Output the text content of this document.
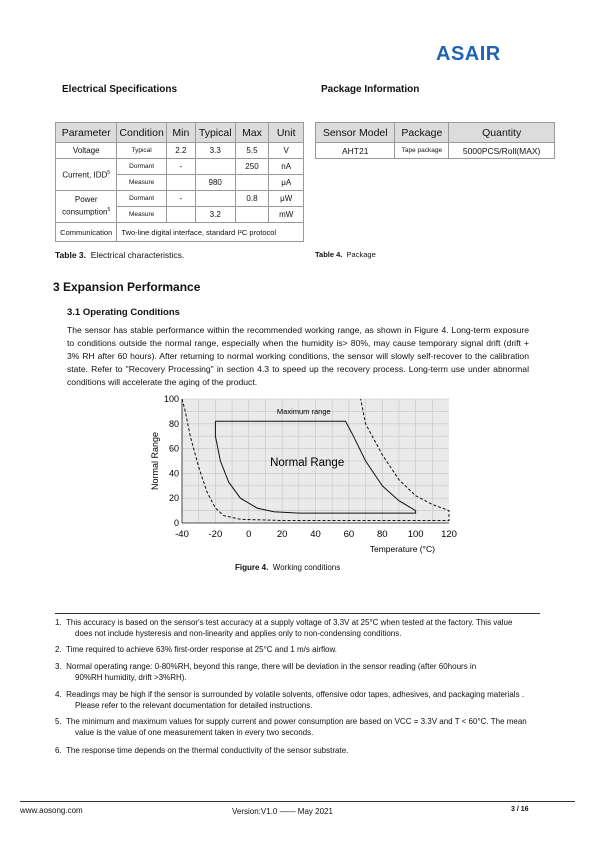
ASAIR
Electrical Specifications	Package Information
Parameter	Condition	Min	Typical	Max	Unit
Voltage	Typical	2.2	3.3	5.5	V
Current, IDD$^5$	Dormant	-		250	nA
	Measure		980		μA
Power consumption$^5$	Dormant	-		0.8	μW
	Measure		3.2		mW
Communication	Two-line digital interface, standard I²C protocol				
Sensor Model	Package	Quantity
AHT21	Tape package	5000PCS/Roll(MAX)
Table 3. Electrical characteristics.	Table 4. Package
3 Expansion Performance
3.1 Operating Conditions
The sensor has stable performance within the recommended working range, as shown in Figure 4. Long-term exposure to conditions outside the normal range, especially when the humidity is> 80%, may cause temporary signal drift (drift + 3% RH after 60 hours). After returning to normal working conditions, the sensor will slowly self-recover to the calibration state. Refer to "Recovery Processing" in section 4.3 to speed up the recovery process. Long-term use under abnormal conditions will accelerate the aging of the product.
-40 -20	0	20 40 60 80 100 120
0
20
40
60
80
100
Normal Range
Temperature (°C)
Maximum range
Normal Range
Figure 4. Working conditions
1. This accuracy is based on the sensor's test accuracy at a supply voltage of 3.3V at 25°C when tested at the factory. This value
does not include hysteresis and non-linearity and applies only to non-condensing conditions.
2. Time required to achieve 63% first-order response at 25°C and 1 m/s airflow.
3. Normal operating range: 0-80%RH, beyond this range, there will be deviation in the sensor reading (after 60hours in
90%RH humidity, drift >3%RH).
4. Readings may be high if the sensor is surrounded by volatile solvents, offensive odor tapes, adhesives, and packaging materials .
Please refer to the relevant documentation for detailed instructions.
5. The minimum and maximum values for supply current and power consumption are based on VCC = 3.3V and T < 60°C. The mean
value is the value of one measurement taken in every two seconds.
6. The response time depends on the thermal conductivity of the sensor substrate.
www.aosong.com	Version:V1.0 —— May 2021	3 / 16
